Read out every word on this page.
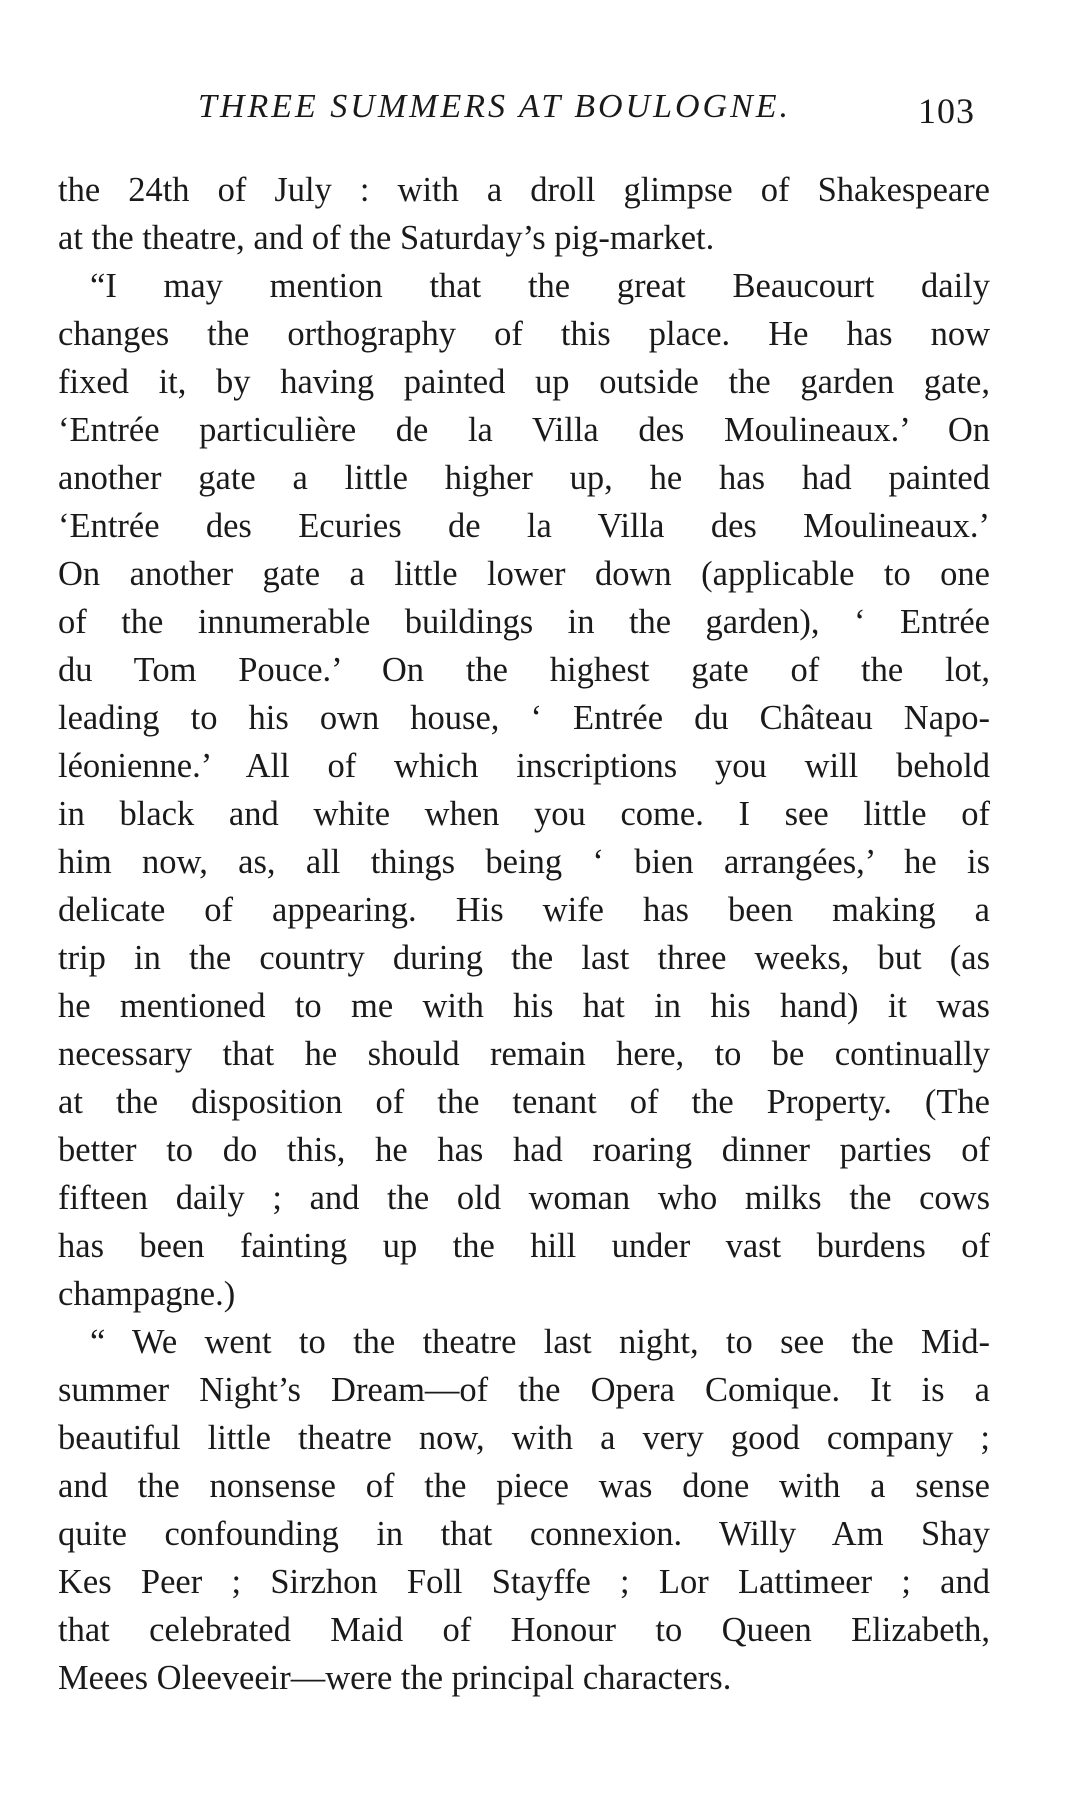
THREE SUMMERS AT BOULOGNE.	103
the 24th of July : with a droll glimpse of Shakespeare
at the theatre, and of the Saturday’s pig-market.
“I may mention that the great Beaucourt daily
changes the orthography of this place. He has now
fixed it, by having painted up outside the garden gate,
‘Entrée particulière de la Villa des Moulineaux.’ On
another gate a little higher up, he has had painted
‘Entrée des Ecuries de la Villa des Moulineaux.’
On another gate a little lower down (applicable to one
of the innumerable buildings in the garden), ‘ Entrée
du Tom Pouce.’ On the highest gate of the lot,
leading to his own house, ‘ Entrée du Château Napo-
léonienne.’ All of which inscriptions you will behold
in black and white when you come. I see little of
him now, as, all things being ‘ bien arrangées,’ he is
delicate of appearing. His wife has been making a
trip in the country during the last three weeks, but (as
he mentioned to me with his hat in his hand) it was
necessary that he should remain here, to be continually
at the disposition of the tenant of the Property. (The
better to do this, he has had roaring dinner parties of
fifteen daily ; and the old woman who milks the cows
has been fainting up the hill under vast burdens of
champagne.)
“ We went to the theatre last night, to see the Mid-
summer Night’s Dream—of the Opera Comique. It is a
beautiful little theatre now, with a very good company ;
and the nonsense of the piece was done with a sense
quite confounding in that connexion. Willy Am Shay
Kes Peer ; Sirzhon Foll Stayffe ; Lor Lattimeer ; and
that celebrated Maid of Honour to Queen Elizabeth,
Meees Oleeveeir—were the principal characters.
